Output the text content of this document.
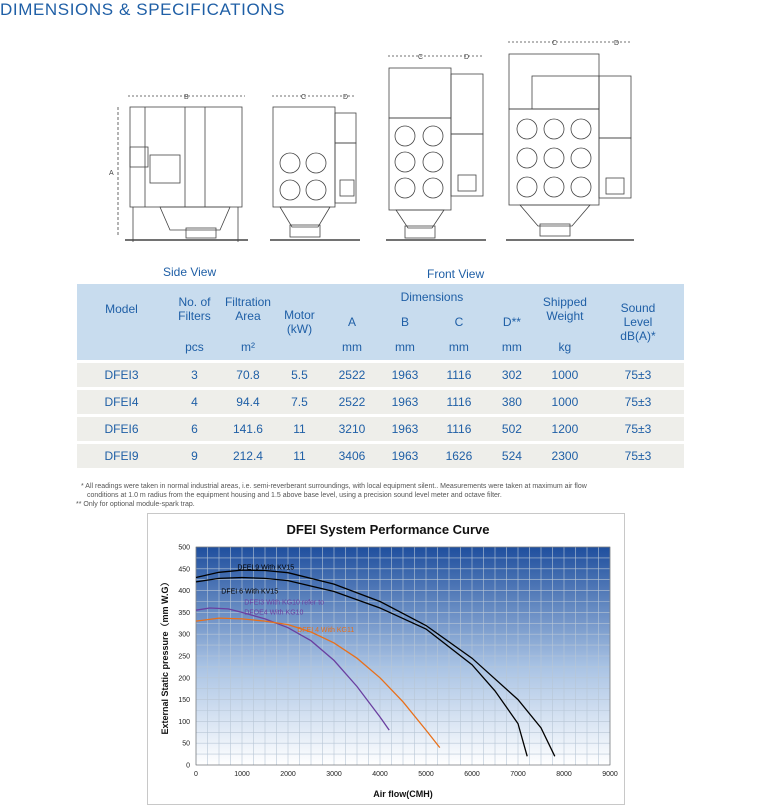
DIMENSIONS & SPECIFICATIONS
B
A
C	D
C	D
C	D
Side View	Front View
Model	No. of Filters	Filtration Area	Motor (kW)	Dimensions				Shipped Weight	Sound Level dB(A)*
				A	B	C	D**		
	pcs	m²		mm	mm	mm	mm	kg	

DFEI3	3	70.8	5.5	2522	1963	1116	302	1000	75±3

DFEI4	4	94.4	7.5	2522	1963	1116	380	1000	75±3

DFEI6	6	141.6	11	3210	1963	1116	502	1200	75±3

DFEI9	9	212.4	11	3406	1963	1626	524	2300	75±3

* All readings were taken in normal industrial areas, i.e. semi-reverberant surroundings, with local equipment silent.. Measurements were taken at maximum air flow

conditions at 1.0 m radius from the equipment housing and 1.5 above base level, using a precision sound level meter and octave filter.

** Only for optional module-spark trap.

DFEI System Performance Curve
0	1000	2000	3000	4000	5000	6000	7000	8000	9000
0
50
100
150
200
250
300
350
400
450
500
DFEI 9 With KV15
DFEI 6 With KV15
DFEI3 With KG10 refer to
DFOE4 With KG10
DFEI 4 With KG11
Air flow(CMH)
External Static pressure（mm W.G）
